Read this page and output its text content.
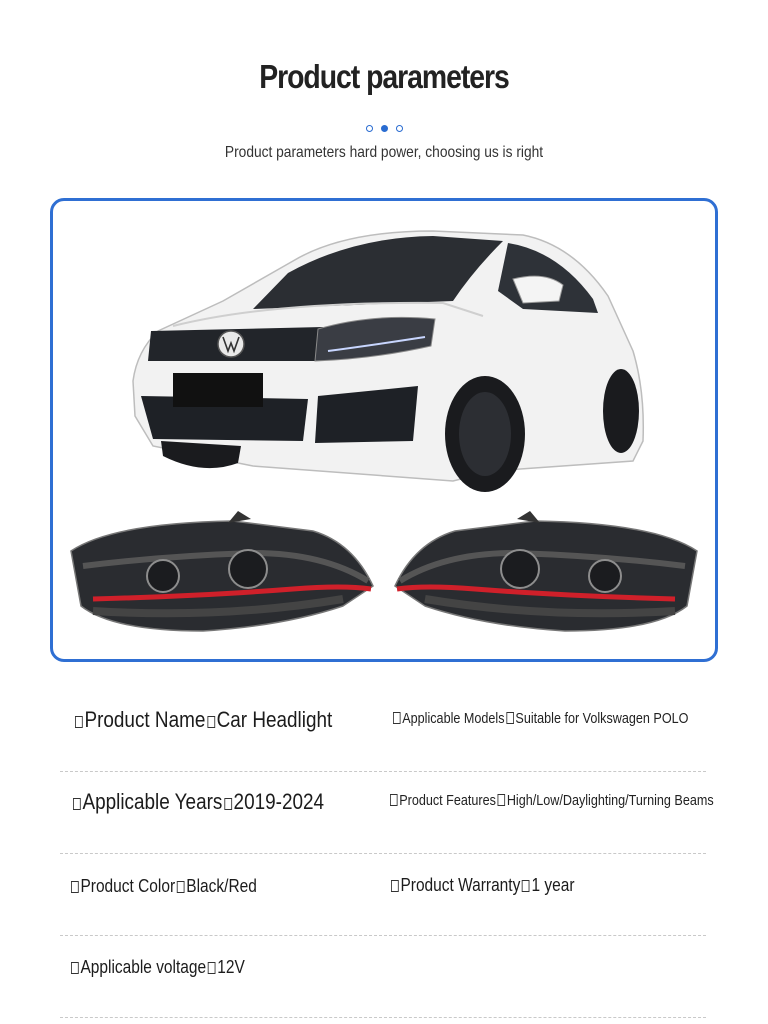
Product parameters
Product parameters hard power, choosing us is right
Product Name Car Headlight	Applicable Models Suitable for Volkswagen POLO
Applicable Years 2019-2024	Product Features High/Low/Daylighting/Turning Beams
Product Color Black/Red	Product Warranty 1 year
Applicable voltage 12V
